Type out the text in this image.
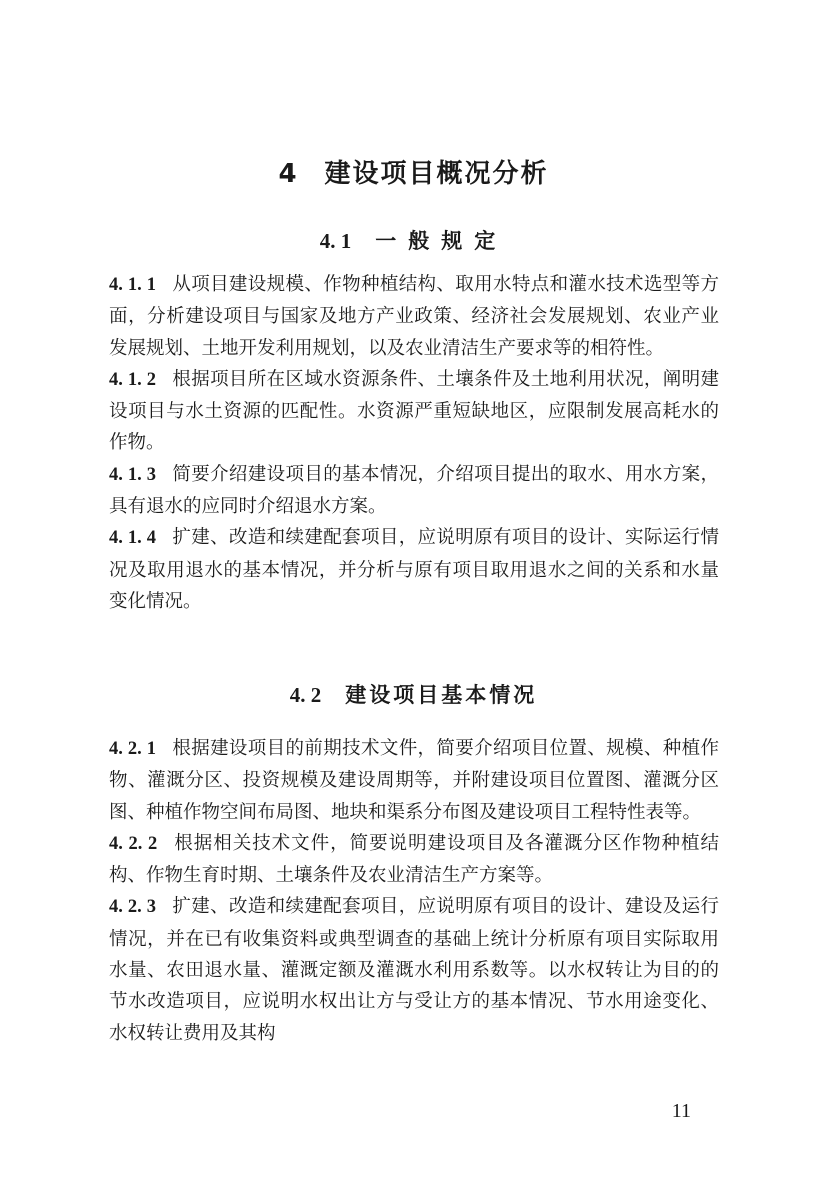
4 建设项目概况分析
4. 1 一般规定

4. 1. 1 从项目建设规模、作物种植结构、取用水特点和灌水技术选型等方面，分析建设项目与国家及地方产业政策、经济社会发展规划、农业产业发展规划、土地开发利用规划，以及农业清洁生产要求等的相符性。

4. 1. 2 根据项目所在区域水资源条件、土壤条件及土地利用状况，阐明建设项目与水土资源的匹配性。水资源严重短缺地区，应限制发展高耗水的作物。

4. 1. 3 简要介绍建设项目的基本情况，介绍项目提出的取水、用水方案，具有退水的应同时介绍退水方案。

4. 1. 4 扩建、改造和续建配套项目，应说明原有项目的设计、实际运行情况及取用退水的基本情况，并分析与原有项目取用退水之间的关系和水量变化情况。

4. 2 建设项目基本情况

4. 2. 1 根据建设项目的前期技术文件，简要介绍项目位置、规模、种植作物、灌溉分区、投资规模及建设周期等，并附建设项目位置图、灌溉分区图、种植作物空间布局图、地块和渠系分布图及建设项目工程特性表等。

4. 2. 2 根据相关技术文件，简要说明建设项目及各灌溉分区作物种植结构、作物生育时期、土壤条件及农业清洁生产方案等。

4. 2. 3 扩建、改造和续建配套项目，应说明原有项目的设计、建设及运行情况，并在已有收集资料或典型调查的基础上统计分析原有项目实际取用水量、农田退水量、灌溉定额及灌溉水利用系数等。以水权转让为目的的节水改造项目，应说明水权出让方与受让方的基本情况、节水用途变化、水权转让费用及其构

11
